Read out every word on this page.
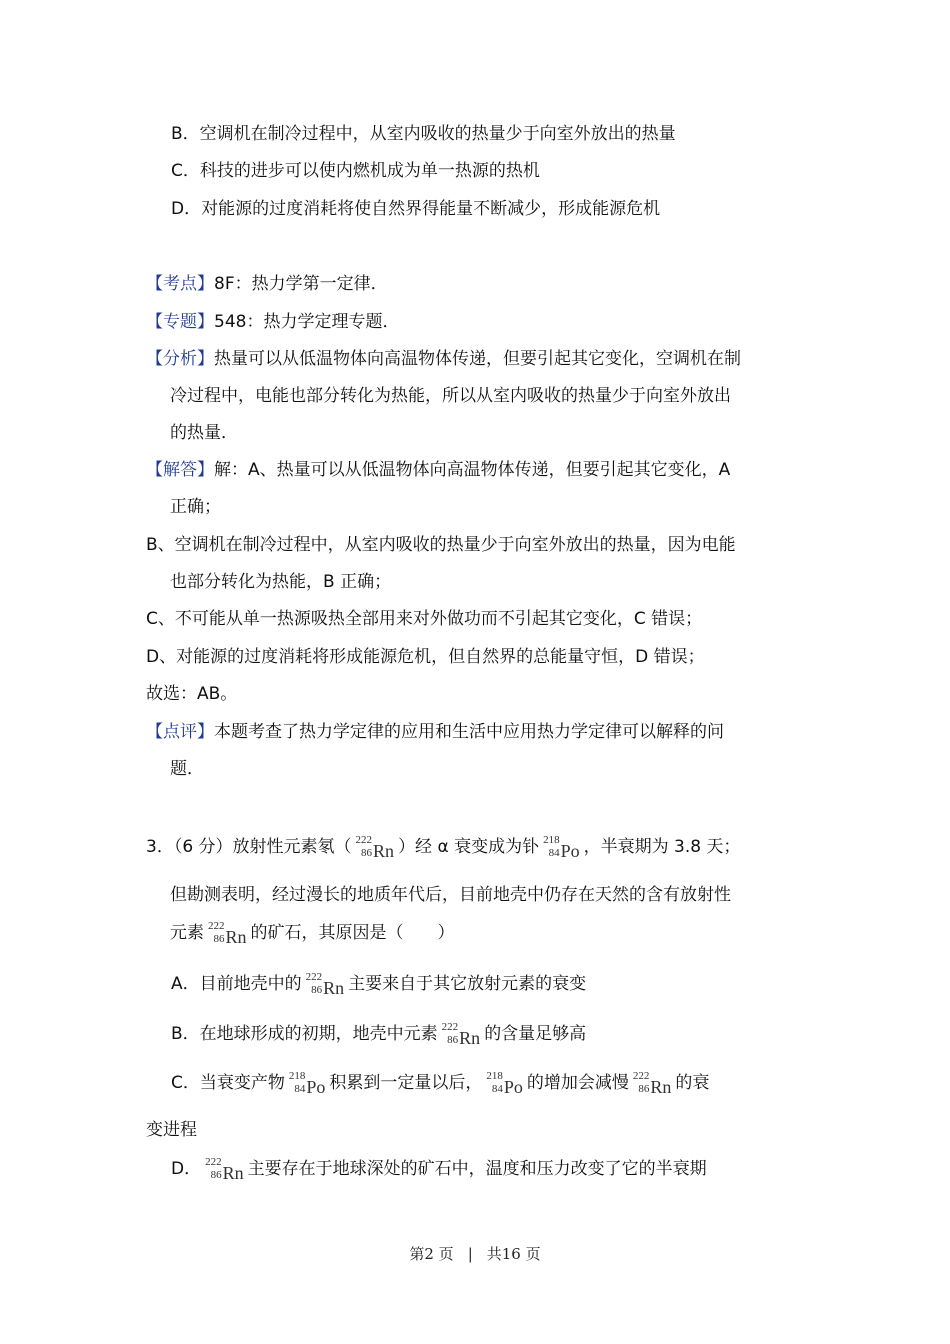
B．空调机在制冷过程中，从室内吸收的热量少于向室外放出的热量
C．科技的进步可以使内燃机成为单一热源的热机
D．对能源的过度消耗将使自然界得能量不断减少，形成能源危机
【考点】8F：热力学第一定律．
【专题】548：热力学定理专题．
【分析】热量可以从低温物体向高温物体传递，但要引起其它变化，空调机在制
冷过程中，电能也部分转化为热能，所以从室内吸收的热量少于向室外放出
的热量．
【解答】解：A、热量可以从低温物体向高温物体传递，但要引起其它变化，A
正确；
B、空调机在制冷过程中，从室内吸收的热量少于向室外放出的热量，因为电能
也部分转化为热能，B 正确；
C、不可能从单一热源吸热全部用来对外做功而不引起其它变化，C 错误；
D、对能源的过度消耗将形成能源危机，但自然界的总能量守恒，D 错误；
故选：AB。
【点评】本题考查了热力学定律的应用和生活中应用热力学定律可以解释的问
题．
3．（6 分）放射性元素氡（ 222
86 Rn ）经 α 衰变成为钋 218
84 Po ，半衰期为 3.8 天；
但勘测表明，经过漫长的地质年代后，目前地壳中仍存在天然的含有放射性
元素 222
86 Rn 的矿石，其原因是（　　）
A．目前地壳中的 222
86 Rn 主要来自于其它放射元素的衰变
B．在地球形成的初期，地壳中元素 222
86 Rn 的含量足够高
C．当衰变产物 218
84 Po 积累到一定量以后， 218
84 Po 的增加会减慢 222
86 Rn 的衰
变进程
D． 222
86 Rn 主要存在于地球深处的矿石中，温度和压力改变了它的半衰期
第2 页 | 共16 页
